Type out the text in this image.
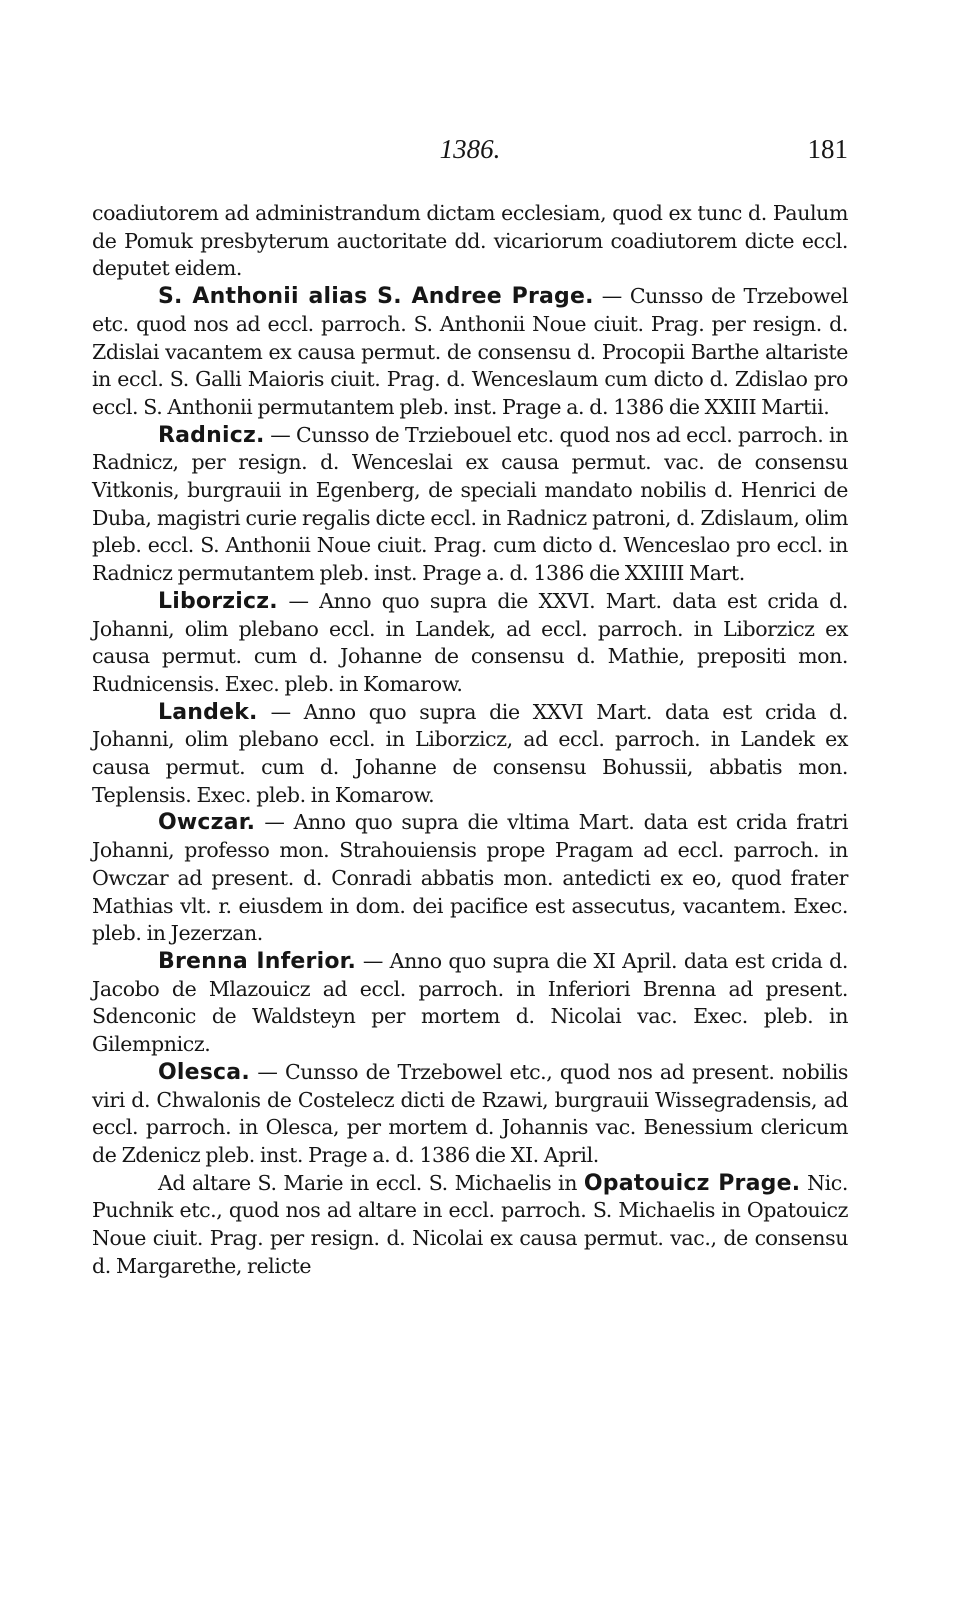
1386.	181

coadiutorem ad administrandum dictam ecclesiam, quod ex tunc d. Paulum de Pomuk presbyterum auctoritate dd. vicariorum coadiutorem dicte eccl. deputet eidem.

S. Anthonii alias S. Andree Prage. — Cunsso de Trzebowel etc. quod nos ad eccl. parroch. S. Anthonii Noue ciuit. Prag. per resign. d. Zdislai vacantem ex causa permut. de consensu d. Procopii Barthe altariste in eccl. S. Galli Maioris ciuit. Prag. d. Wenceslaum cum dicto d. Zdislao pro eccl. S. Anthonii permutantem pleb. inst. Prage a. d. 1386 die XXIII Martii.

Radnicz. — Cunsso de Trziebouel etc. quod nos ad eccl. parroch. in Radnicz, per resign. d. Wenceslai ex causa permut. vac. de consensu Vitkonis, burgrauii in Egenberg, de speciali mandato nobilis d. Henrici de Duba, magistri curie regalis dicte eccl. in Radnicz patroni, d. Zdislaum, olim pleb. eccl. S. Anthonii Noue ciuit. Prag. cum dicto d. Wenceslao pro eccl. in Radnicz permutantem pleb. inst. Prage a. d. 1386 die XXIIII Mart.

Liborzicz. — Anno quo supra die XXVI. Mart. data est crida d. Johanni, olim plebano eccl. in Landek, ad eccl. parroch. in Liborzicz ex causa permut. cum d. Johanne de consensu d. Mathie, prepositi mon. Rudnicensis. Exec. pleb. in Komarow.

Landek. — Anno quo supra die XXVI Mart. data est crida d. Johanni, olim plebano eccl. in Liborzicz, ad eccl. parroch. in Landek ex causa permut. cum d. Johanne de consensu Bohussii, abbatis mon. Teplensis. Exec. pleb. in Komarow.

Owczar. — Anno quo supra die vltima Mart. data est crida fratri Johanni, professo mon. Strahouiensis prope Pragam ad eccl. parroch. in Owczar ad present. d. Conradi abbatis mon. antedicti ex eo, quod frater Mathias vlt. r. eiusdem in dom. dei pacifice est assecutus, vacantem. Exec. pleb. in Jezerzan.

Brenna Inferior. — Anno quo supra die XI April. data est crida d. Jacobo de Mlazouicz ad eccl. parroch. in Inferiori Brenna ad present. Sdenconic de Waldsteyn per mortem d. Nicolai vac. Exec. pleb. in Gilempnicz.

Olesca. — Cunsso de Trzebowel etc., quod nos ad present. nobilis viri d. Chwalonis de Costelecz dicti de Rzawi, burgrauii Wissegradensis, ad eccl. parroch. in Olesca, per mortem d. Johannis vac. Benessium clericum de Zdenicz pleb. inst. Prage a. d. 1386 die XI. April.

Ad altare S. Marie in eccl. S. Michaelis in Opatouicz Prage. Nic. Puchnik etc., quod nos ad altare in eccl. parroch. S. Michaelis in Opatouicz Noue ciuit. Prag. per resign. d. Nicolai ex causa permut. vac., de consensu d. Margarethe, relicte
